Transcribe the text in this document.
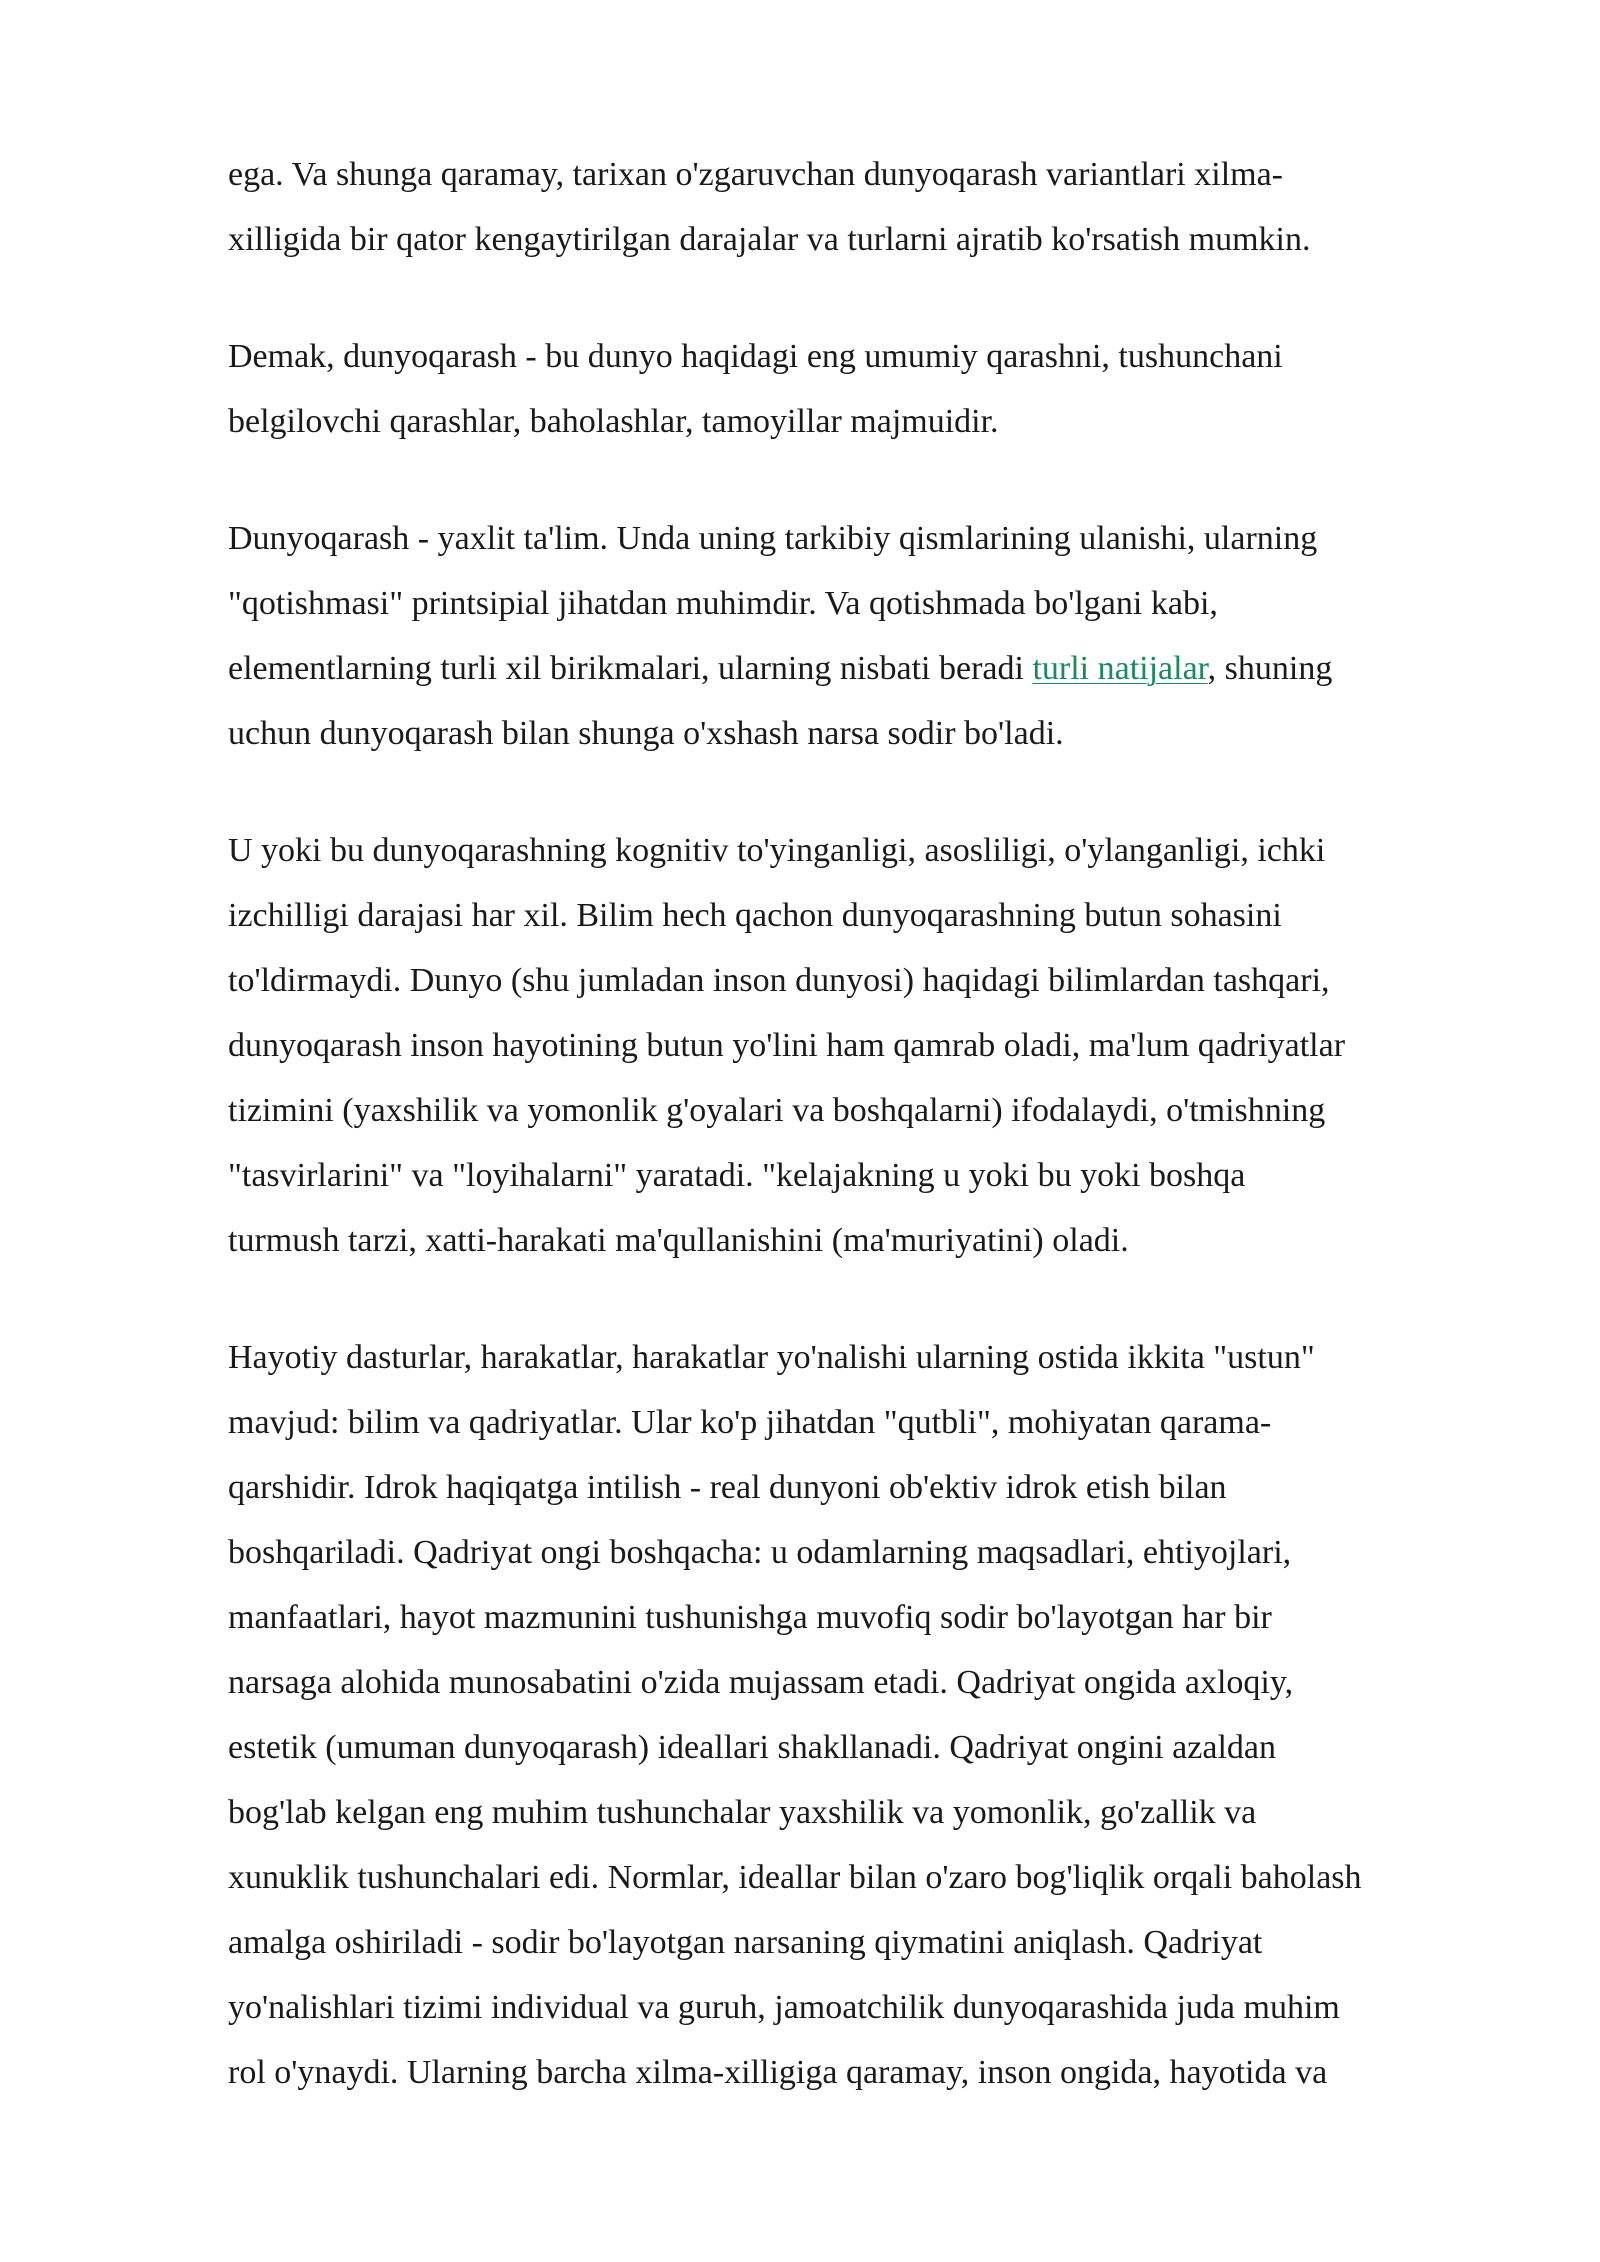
ega. Va shunga qaramay, tarixan o'zgaruvchan dunyoqarash variantlari xilma-
xilligida bir qator kengaytirilgan darajalar va turlarni ajratib ko'rsatish mumkin.

Demak, dunyoqarash - bu dunyo haqidagi eng umumiy qarashni, tushunchani
belgilovchi qarashlar, baholashlar, tamoyillar majmuidir.

Dunyoqarash - yaxlit ta'lim. Unda uning tarkibiy qismlarining ulanishi, ularning
"qotishmasi" printsipial jihatdan muhimdir. Va qotishmada bo'lgani kabi,
elementlarning turli xil birikmalari, ularning nisbati beradi turli natijalar, shuning
uchun dunyoqarash bilan shunga o'xshash narsa sodir bo'ladi.

U yoki bu dunyoqarashning kognitiv to'yinganligi, asosliligi, o'ylanganligi, ichki
izchilligi darajasi har xil. Bilim hech qachon dunyoqarashning butun sohasini
to'ldirmaydi. Dunyo (shu jumladan inson dunyosi) haqidagi bilimlardan tashqari,
dunyoqarash inson hayotining butun yo'lini ham qamrab oladi, ma'lum qadriyatlar
tizimini (yaxshilik va yomonlik g'oyalari va boshqalarni) ifodalaydi, o'tmishning
"tasvirlarini" va "loyihalarni" yaratadi. "kelajakning u yoki bu yoki boshqa
turmush tarzi, xatti-harakati ma'qullanishini (ma'muriyatini) oladi.

Hayotiy dasturlar, harakatlar, harakatlar yo'nalishi ularning ostida ikkita "ustun"
mavjud: bilim va qadriyatlar. Ular ko'p jihatdan "qutbli", mohiyatan qarama-
qarshidir. Idrok haqiqatga intilish - real dunyoni ob'ektiv idrok etish bilan
boshqariladi. Qadriyat ongi boshqacha: u odamlarning maqsadlari, ehtiyojlari,
manfaatlari, hayot mazmunini tushunishga muvofiq sodir bo'layotgan har bir
narsaga alohida munosabatini o'zida mujassam etadi. Qadriyat ongida axloqiy,
estetik (umuman dunyoqarash) ideallari shakllanadi. Qadriyat ongini azaldan
bog'lab kelgan eng muhim tushunchalar yaxshilik va yomonlik, go'zallik va
xunuklik tushunchalari edi. Normlar, ideallar bilan o'zaro bog'liqlik orqali baholash
amalga oshiriladi - sodir bo'layotgan narsaning qiymatini aniqlash. Qadriyat
yo'nalishlari tizimi individual va guruh, jamoatchilik dunyoqarashida juda muhim
rol o'ynaydi. Ularning barcha xilma-xilligiga qaramay, inson ongida, hayotida va
